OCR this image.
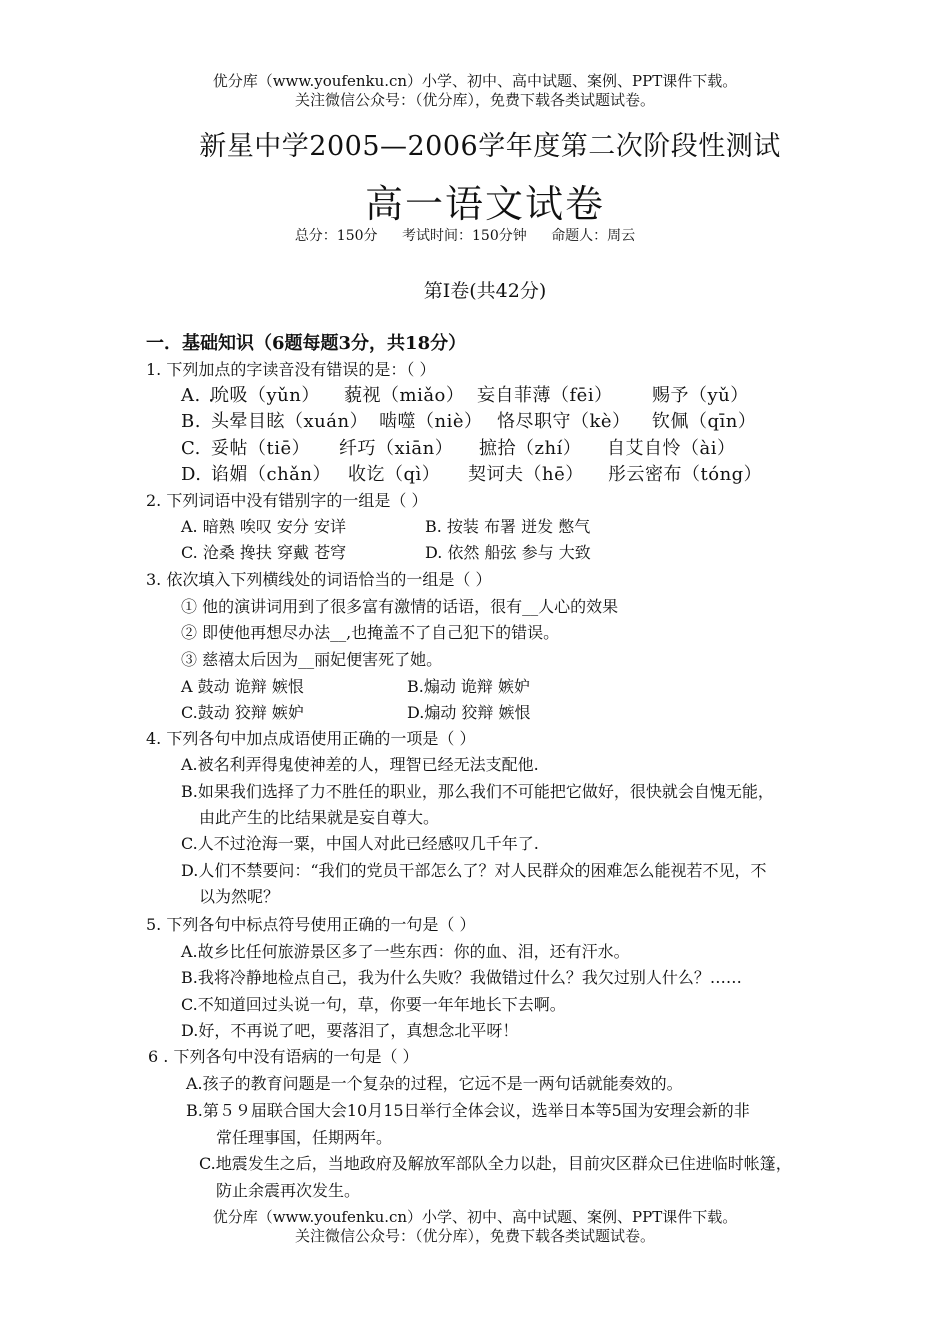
优分库（www.youfenku.cn）小学、初中、高中试题、案例、PPT课件下载。
关注微信公众号：（优分库），免费下载各类试题试卷。
新星中学2005—2006学年度第二次阶段性测试
高一语文试卷
总分：150分 考试时间：150分钟 命题人：周云
第Ⅰ卷(共42分)
一．基础知识（6题每题3分，共18分）
1. 下列加点的字读音没有错误的是：（ ）
A. 吮吸（yǔn） 藐视（miǎo） 妄自菲薄（fēi） 赐予（yǔ）
B. 头晕目眩（xuán） 啮噬（niè） 恪尽职守（kè） 钦佩（qīn）
C. 妥帖（tiē） 纤巧（xiān） 摭拾（zhí） 自艾自怜（ài）
D. 谄媚（chǎn） 收讫（qì） 契诃夫（hē） 彤云密布（tóng）
2. 下列词语中没有错别字的一组是（ ）
A. 暗熟 唉叹 安分 安详	B. 按装 布署 迸发 憋气
C. 沧桑 搀扶 穿戴 苍穹	D. 依然 船弦 参与 大致
3. 依次填入下列横线处的词语恰当的一组是（ ）
① 他的演讲词用到了很多富有激情的话语，很有__人心的效果
② 即使他再想尽办法__,也掩盖不了自己犯下的错误。
③ 慈禧太后因为__丽妃便害死了她。
A 鼓动 诡辩 嫉恨	B.煽动 诡辩 嫉妒
C.鼓动 狡辩 嫉妒	D.煽动 狡辩 嫉恨
4. 下列各句中加点成语使用正确的一项是（ ）
A.被名利弄得鬼使神差的人，理智已经无法支配他.
B.如果我们选择了力不胜任的职业，那么我们不可能把它做好，很快就会自愧无能，
由此产生的比结果就是妄自尊大。
C.人不过沧海一粟，中国人对此已经感叹几千年了.
D.人们不禁要问：“我们的党员干部怎么了？对人民群众的困难怎么能视若不见，不
以为然呢？
5. 下列各句中标点符号使用正确的一句是（ ）
A.故乡比任何旅游景区多了一些东西：你的血、泪，还有汗水。
B.我将冷静地检点自己，我为什么失败？我做错过什么？我欠过别人什么？……
C.不知道回过头说一句，草，你要一年年地长下去啊。
D.好，不再说了吧，要落泪了，真想念北平呀！
6 . 下列各句中没有语病的一句是（ ）
A.孩子的教育问题是一个复杂的过程，它远不是一两句话就能奏效的。
B.第５９届联合国大会10月15日举行全体会议，选举日本等5国为安理会新的非
常任理事国，任期两年。
C.地震发生之后，当地政府及解放军部队全力以赴，目前灾区群众已住进临时帐篷，
防止余震再次发生。
优分库（www.youfenku.cn）小学、初中、高中试题、案例、PPT课件下载。
关注微信公众号：（优分库），免费下载各类试题试卷。
